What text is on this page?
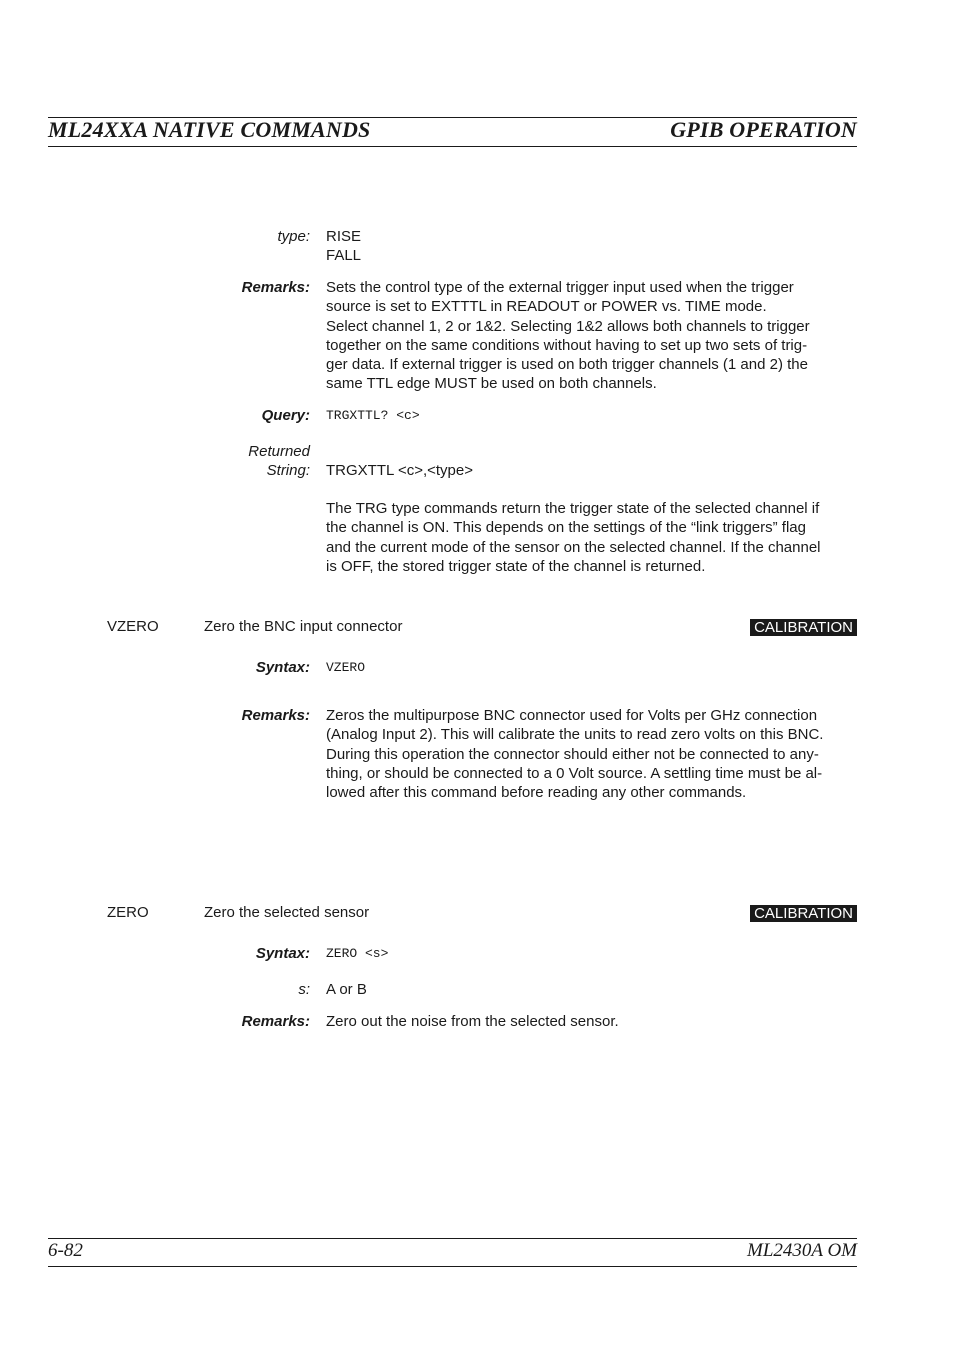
ML24XXA NATIVE COMMANDS	GPIB OPERATION
type: RISE
FALL
Remarks: Sets the control type of the external trigger input used when the trigger
source is set to EXTTTL in READOUT or POWER vs. TIME mode.
Select channel 1, 2 or 1&2. Selecting 1&2 allows both channels to trigger
together on the same conditions without having to set up two sets of trig-
ger data. If external trigger is used on both trigger channels (1 and 2) the
same TTL edge MUST be used on both channels.
Query: TRGXTTL? <c>
Returned
String: TRGXTTL <c>,<type>
The TRG type commands return the trigger state of the selected channel if
the channel is ON. This depends on the settings of the “link triggers” flag
and the current mode of the sensor on the selected channel. If the channel
is OFF, the stored trigger state of the channel is returned.
VZERO	Zero the BNC input connector	CALIBRATION
Syntax: VZERO
Remarks: Zeros the multipurpose BNC connector used for Volts per GHz connection
(Analog Input 2). This will calibrate the units to read zero volts on this BNC.
During this operation the connector should either not be connected to any-
thing, or should be connected to a 0 Volt source. A settling time must be al-
lowed after this command before reading any other commands.
ZERO	Zero the selected sensor	CALIBRATION
Syntax: ZERO <s>
s: A or B
Remarks: Zero out the noise from the selected sensor.
6-82	ML2430A OM
